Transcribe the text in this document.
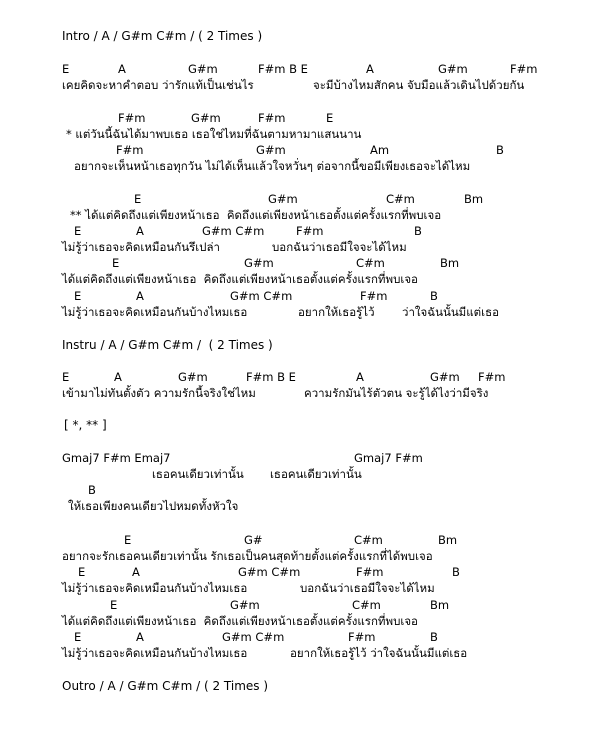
Intro / A / G#m C#m / ( 2 Times )
E	A	G#m	F#m B E	A	G#m	F#m
เคยคิดจะหาคำตอบ ว่ารักแท้เป็นเช่นไร	จะมีบ้างไหมสักคน จับมือแล้วเดินไปด้วยกัน
F#m	G#m	F#m	E
* แต่วันนี้ฉันได้มาพบเธอ เธอใช่ไหมที่ฉันตามหามาแสนนาน
F#m	G#m	Am	B
อยากจะเห็นหน้าเธอทุกวัน ไม่ได้เห็นแล้วใจหวั่นๆ ต่อจากนี้ขอมีเพียงเธอจะได้ไหม
E	G#m	C#m	Bm
** ได้แต่คิดถึงแต่เพียงหน้าเธอ  คิดถึงแต่เพียงหน้าเธอตั้งแต่ครั้งแรกที่พบเจอ
E	A	G#m C#m	F#m	B
ไม่รู้ว่าเธอจะคิดเหมือนกันรึเปล่า	บอกฉันว่าเธอมีใจจะได้ไหม
E	G#m	C#m	Bm
ได้แต่คิดถึงแต่เพียงหน้าเธอ  คิดถึงแต่เพียงหน้าเธอตั้งแต่ครั้งแรกที่พบเจอ
E	A	G#m C#m	F#m	B
ไม่รู้ว่าเธอจะคิดเหมือนกันบ้างไหมเธอ	อยากให้เธอรู้ไว้ ว่าใจฉันนั้นมีแต่เธอ
Instru / A / G#m C#m /  ( 2 Times )
E	A	G#m	F#m B E	A	G#m F#m
เข้ามาไม่ทันตั้งตัว ความรักนี้จริงใช่ไหม	ความรักมันไร้ตัวตน จะรู้ได้ไงว่ามีจริง
[ *, ** ]
Gmaj7 F#m Emaj7	Gmaj7 F#m
เธอคนเดียวเท่านั้น เธอคนเดียวเท่านั้น
B
ให้เธอเพียงคนเดียวไปหมดทั้งหัวใจ
E	G#	C#m	Bm
อยากจะรักเธอคนเดียวเท่านั้น รักเธอเป็นคนสุดท้ายตั้งแต่ครั้งแรกที่ได้พบเจอ
E	A	G#m C#m	F#m	B
ไม่รู้ว่าเธอจะคิดเหมือนกันบ้างไหมเธอ	บอกฉันว่าเธอมีใจจะได้ไหม
E	G#m	C#m	Bm
ได้แต่คิดถึงแต่เพียงหน้าเธอ  คิดถึงแต่เพียงหน้าเธอตั้งแต่ครั้งแรกที่พบเจอ
E	A	G#m C#m	F#m	B
ไม่รู้ว่าเธอจะคิดเหมือนกันบ้างไหมเธอ	อยากให้เธอรู้ไว้ ว่าใจฉันนั้นมีแต่เธอ
Outro / A / G#m C#m / ( 2 Times )
